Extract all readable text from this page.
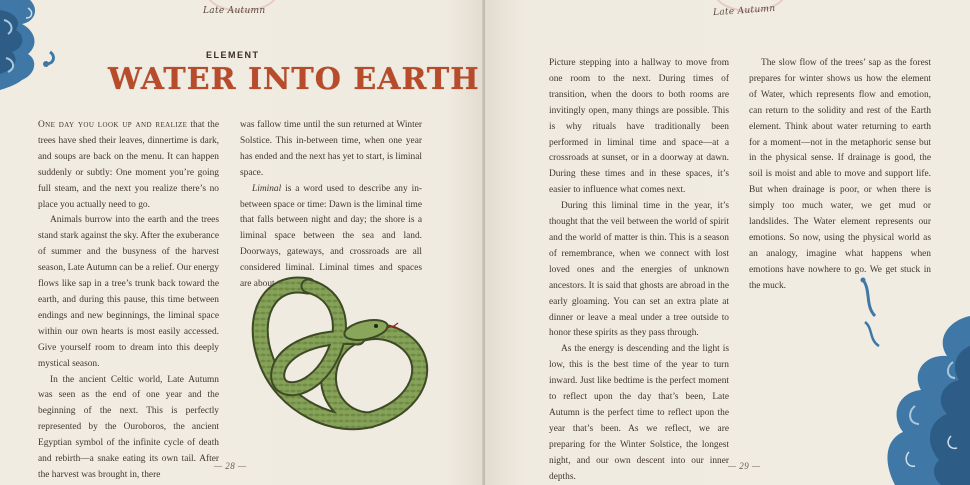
Late Autumn
ELEMENT
WATER INTO EARTH

One day you look up and realize that the trees have shed their leaves, dinnertime is dark, and soups are back on the menu. It can happen suddenly or subtly: One moment you’re going full steam, and the next you realize there’s no place you actually need to go.

Animals burrow into the earth and the trees stand stark against the sky. After the exuberance of summer and the busyness of the harvest season, Late Autumn can be a relief. Our energy flows like sap in a tree’s trunk back toward the earth, and during this pause, this time between endings and new beginnings, the liminal space within our own hearts is most easily accessed. Give yourself room to dream into this deeply mystical season.

In the ancient Celtic world, Late Autumn was seen as the end of one year and the beginning of the next. This is perfectly represented by the Ouroboros, the ancient Egyptian symbol of the infinite cycle of death and rebirth—a snake eating its own tail. After the harvest was brought in, there

was fallow time until the sun returned at Winter Solstice. This in-between time, when one year has ended and the next has yet to start, is liminal space.

Liminal is a word used to describe any in-between space or time: Dawn is the liminal time that falls between night and day; the shore is a liminal space between the sea and land. Doorways, gateways, and crossroads are all considered liminal. Liminal times and spaces are about transition.

— 28 —
Late Autumn

Picture stepping into a hallway to move from one room to the next. During times of transition, when the doors to both rooms are invitingly open, many things are possible. This is why rituals have traditionally been performed in liminal time and space—at a crossroads at sunset, or in a doorway at dawn. During these times and in these spaces, it’s easier to influence what comes next.

During this liminal time in the year, it’s thought that the veil between the world of spirit and the world of matter is thin. This is a season of remembrance, when we connect with lost loved ones and the energies of unknown ancestors. It is said that ghosts are abroad in the early gloaming. You can set an extra plate at dinner or leave a meal under a tree outside to honor these spirits as they pass through.

As the energy is descending and the light is low, this is the best time of the year to turn inward. Just like bedtime is the perfect moment to reflect upon the day that’s been, Late Autumn is the perfect time to reflect upon the year that’s been. As we reflect, we are preparing for the Winter Solstice, the longest night, and our own descent into our inner depths.

The slow flow of the trees’ sap as the forest prepares for winter shows us how the element of Water, which represents flow and emotion, can return to the solidity and rest of the Earth element. Think about water returning to earth for a moment—not in the metaphoric sense but in the physical sense. If drainage is good, the soil is moist and able to move and support life. But when drainage is poor, or when there is simply too much water, we get mud or landslides. The Water element represents our emotions. So now, using the physical world as an analogy, imagine what happens when emotions have nowhere to go. We get stuck in the muck.

— 29 —
